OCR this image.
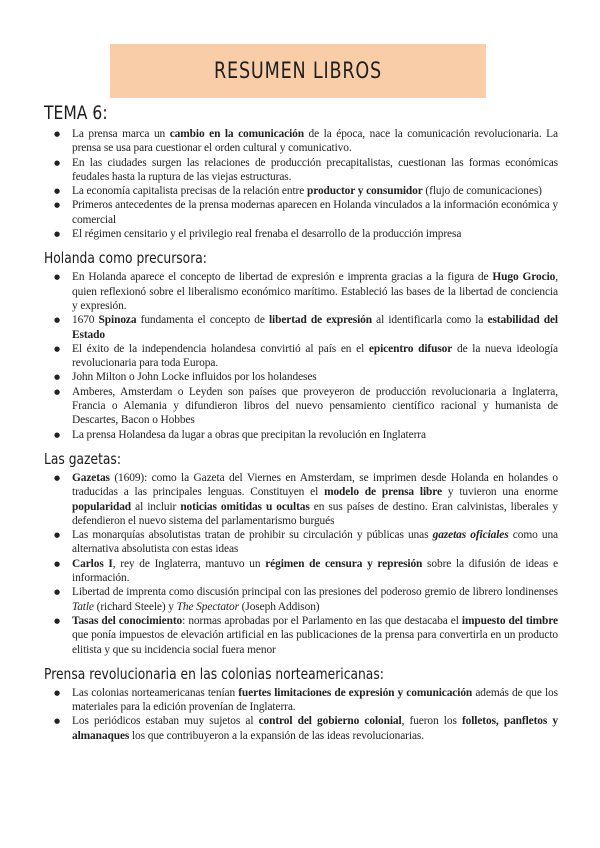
RESUMEN LIBROS
TEMA 6:
● La prensa marca un cambio en la comunicación de la época, nace la comunicación revolucionaria. La prensa se usa para cuestionar el orden cultural y comunicativo.
● En las ciudades surgen las relaciones de producción precapitalistas, cuestionan las formas económicas feudales hasta la ruptura de las viejas estructuras.
● La economía capitalista precisas de la relación entre productor y consumidor (flujo de comunicaciones)
● Primeros antecedentes de la prensa modernas aparecen en Holanda vinculados a la información económica y comercial
● El régimen censitario y el privilegio real frenaba el desarrollo de la producción impresa
Holanda como precursora:
● En Holanda aparece el concepto de libertad de expresión e imprenta gracias a la figura de Hugo Grocio, quien reflexionó sobre el liberalismo económico marítimo. Estableció las bases de la libertad de conciencia y expresión.
● 1670 Spinoza fundamenta el concepto de libertad de expresión al identificarla como la estabilidad del Estado
● El éxito de la independencia holandesa convirtió al país en el epicentro difusor de la nueva ideología revolucionaria para toda Europa.
● John Milton o John Locke influidos por los holandeses
● Amberes, Amsterdam o Leyden son países que proveyeron de producción revolucionaria a Inglaterra, Francia o Alemania y difundieron libros del nuevo pensamiento científico racional y humanista de Descartes, Bacon o Hobbes
● La prensa Holandesa da lugar a obras que precipitan la revolución en Inglaterra
Las gazetas:
● Gazetas (1609): como la Gazeta del Viernes en Amsterdam, se imprimen desde Holanda en holandes o traducidas a las principales lenguas. Constituyen el modelo de prensa libre y tuvieron una enorme popularidad al incluir noticias omitidas u ocultas en sus países de destino. Eran calvinistas, liberales y defendieron el nuevo sistema del parlamentarismo burgués
● Las monarquías absolutistas tratan de prohibir su circulación y públicas unas gazetas oficiales como una alternativa absolutista con estas ideas
● Carlos I, rey de Inglaterra, mantuvo un régimen de censura y represión sobre la difusión de ideas e información.
● Libertad de imprenta como discusión principal con las presiones del poderoso gremio de librero londinenses Tatle (richard Steele) y The Spectator (Joseph Addison)
● Tasas del conocimiento: normas aprobadas por el Parlamento en las que destacaba el impuesto del timbre que ponía impuestos de elevación artificial en las publicaciones de la prensa para convertirla en un producto elitista y que su incidencia social fuera menor
Prensa revolucionaria en las colonias norteamericanas:
● Las colonias norteamericanas tenían fuertes limitaciones de expresión y comunicación además de que los materiales para la edición provenían de Inglaterra.
● Los periódicos estaban muy sujetos al control del gobierno colonial, fueron los folletos, panfletos y almanaques los que contribuyeron a la expansión de las ideas revolucionarias.
